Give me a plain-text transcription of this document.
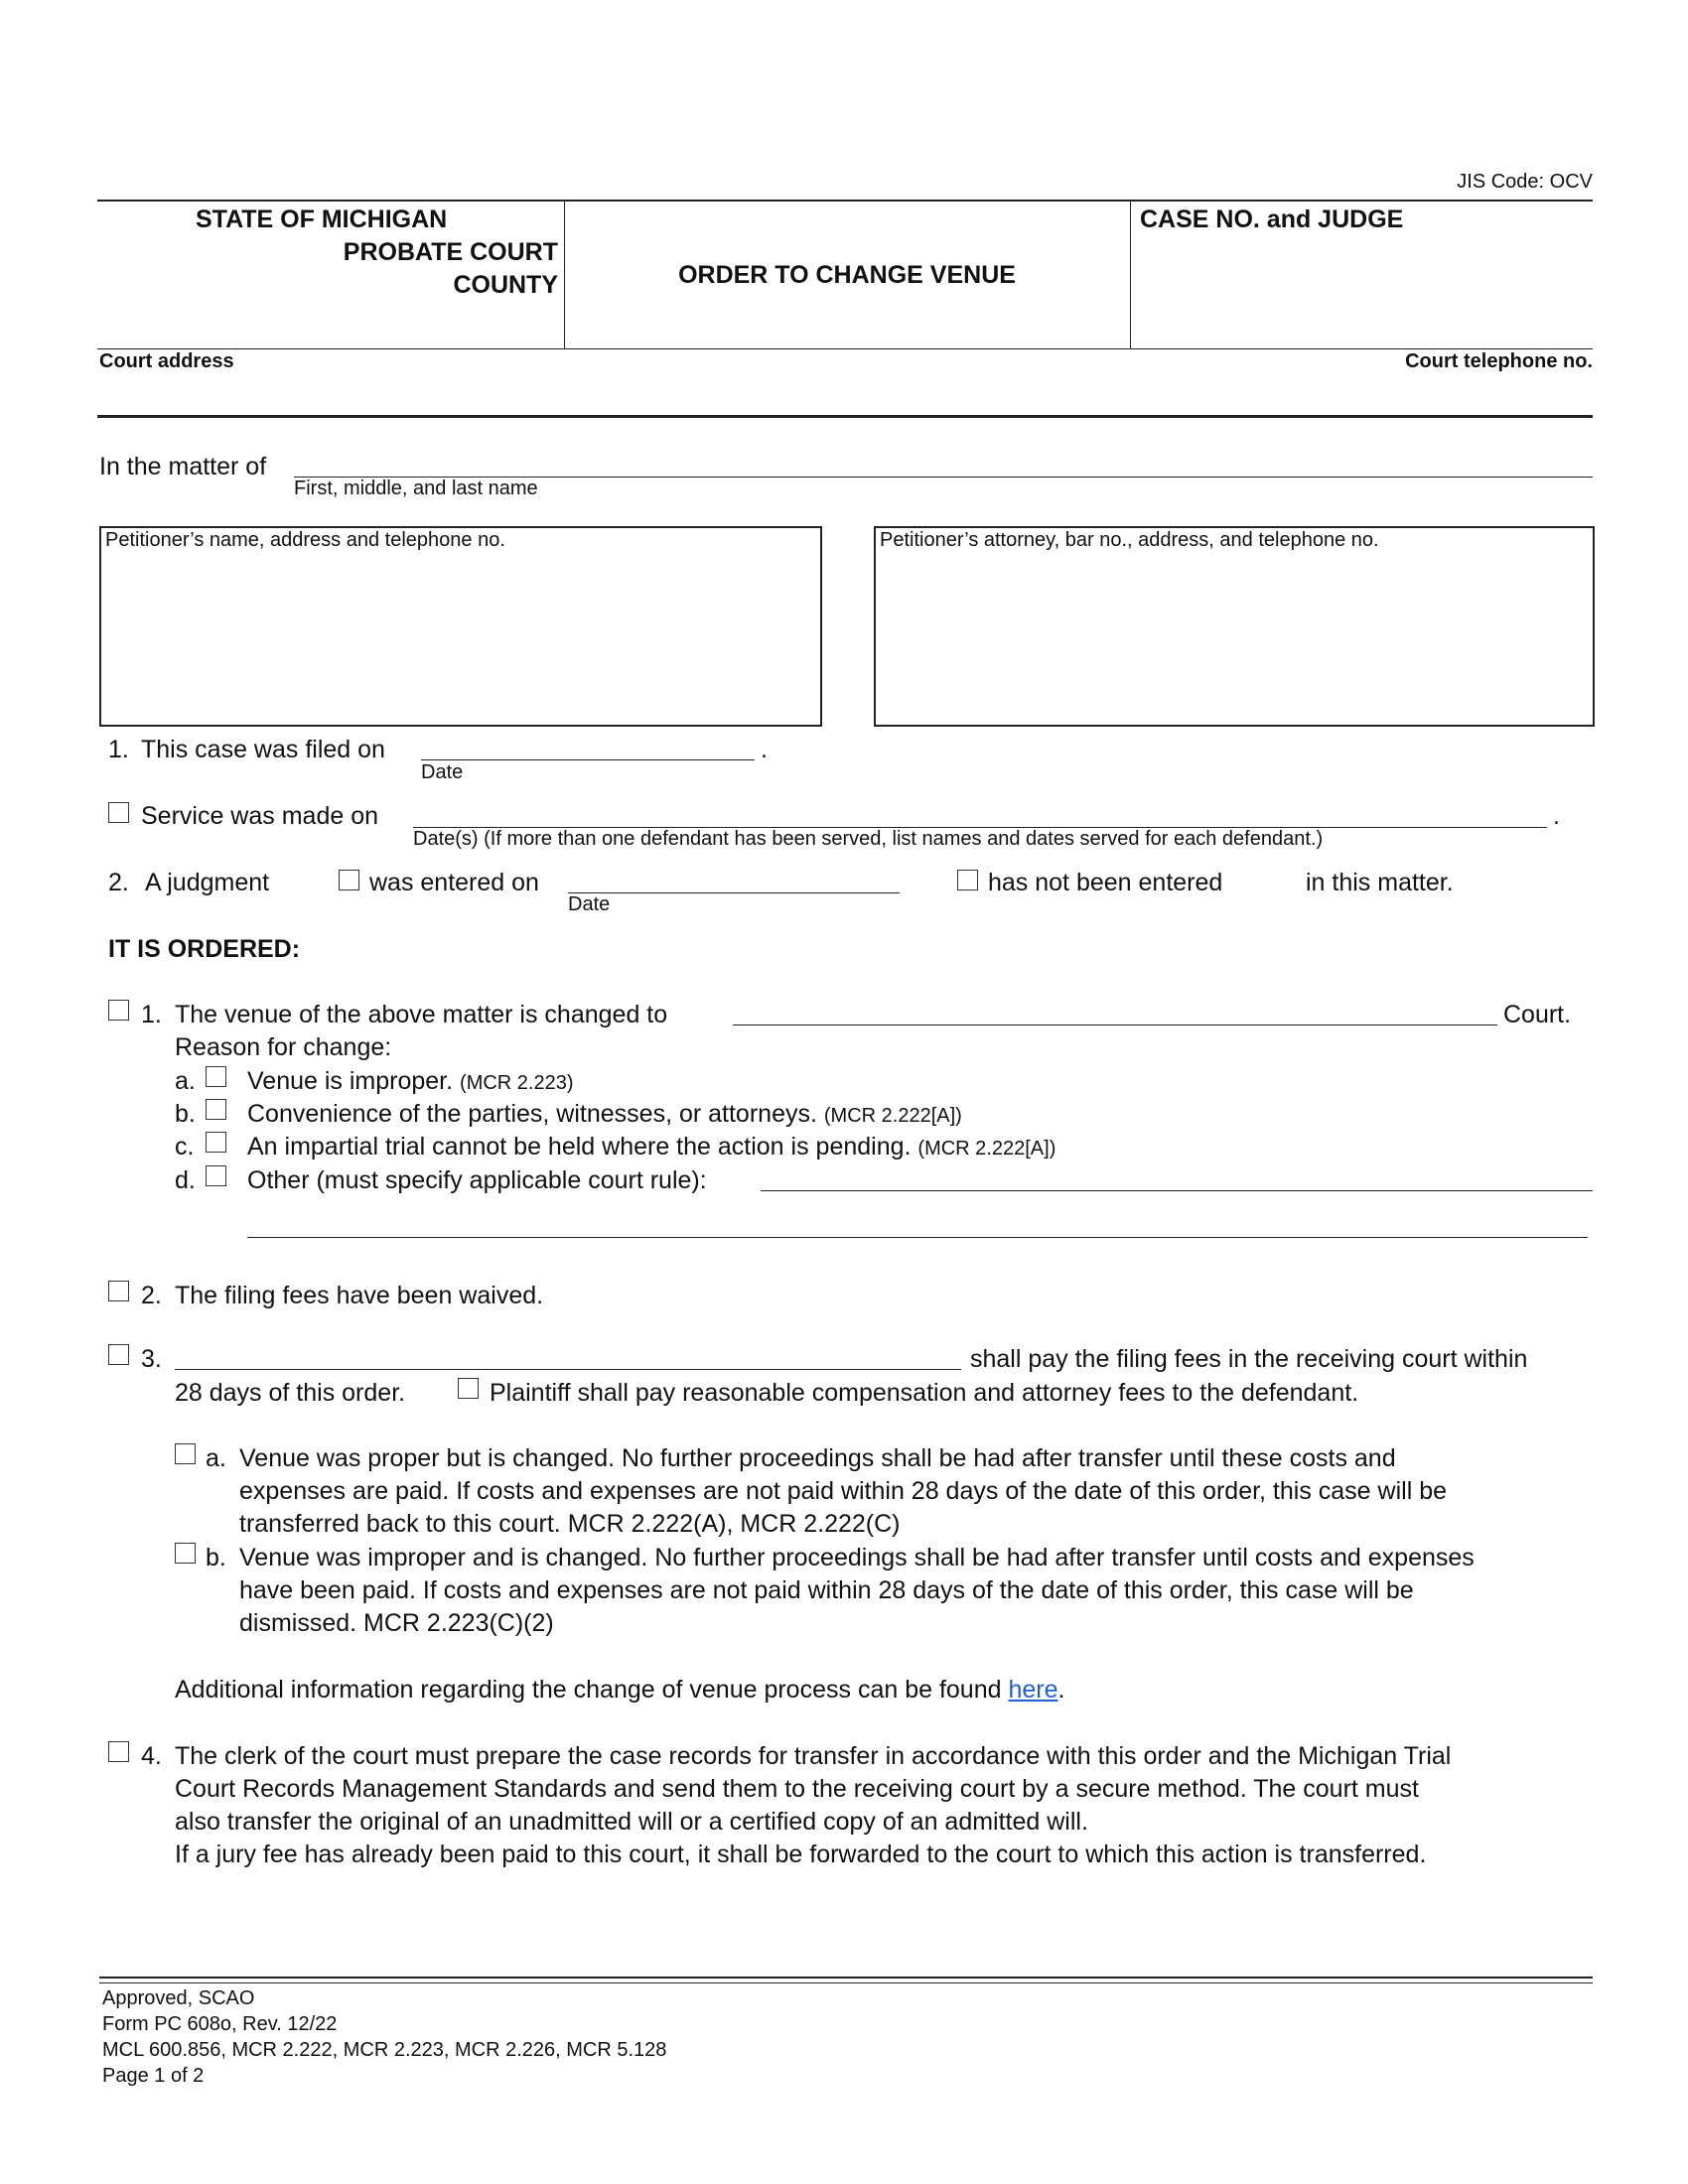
JIS Code: OCV
STATE OF MICHIGAN
PROBATE COURT
COUNTY	ORDER TO CHANGE VENUE
CASE NO. and JUDGE
Court address	Court telephone no.
In the matter of
First, middle, and last name
Petitioner’s name, address and telephone no.	Petitioner’s attorney, bar no., address, and telephone no.
1. This case was filed on	.
Date
Service was made on	.
Date(s) (If more than one defendant has been served, list names and dates served for each defendant.)
2. A judgment	was entered on
Date
has not been entered	in this matter.
IT IS ORDERED:
1. The venue of the above matter is changed to	Court.
Reason for change:
a. Venue is improper. (MCR 2.223)
b. Convenience of the parties, witnesses, or attorneys. (MCR 2.222[A])
c. An impartial trial cannot be held where the action is pending. (MCR 2.222[A])
d. Other (must specify applicable court rule):
2. The filing fees have been waived.
3.	shall pay the filing fees in the receiving court within
28 days of this order.	Plaintiff shall pay reasonable compensation and attorney fees to the defendant.
a. Venue was proper but is changed. No further proceedings shall be had after transfer until these costs and
expenses are paid. If costs and expenses are not paid within 28 days of the date of this order, this case will be
transferred back to this court. MCR 2.222(A), MCR 2.222(C)
b. Venue was improper and is changed. No further proceedings shall be had after transfer until costs and expenses
have been paid. If costs and expenses are not paid within 28 days of the date of this order, this case will be
dismissed. MCR 2.223(C)(2)
Additional information regarding the change of venue process can be found here.
4. The clerk of the court must prepare the case records for transfer in accordance with this order and the Michigan Trial
Court Records Management Standards and send them to the receiving court by a secure method. The court must
also transfer the original of an unadmitted will or a certified copy of an admitted will.
If a jury fee has already been paid to this court, it shall be forwarded to the court to which this action is transferred.
Approved, SCAO
Form PC 608o, Rev. 12/22
MCL 600.856, MCR 2.222, MCR 2.223, MCR 2.226, MCR 5.128
Page 1 of 2
